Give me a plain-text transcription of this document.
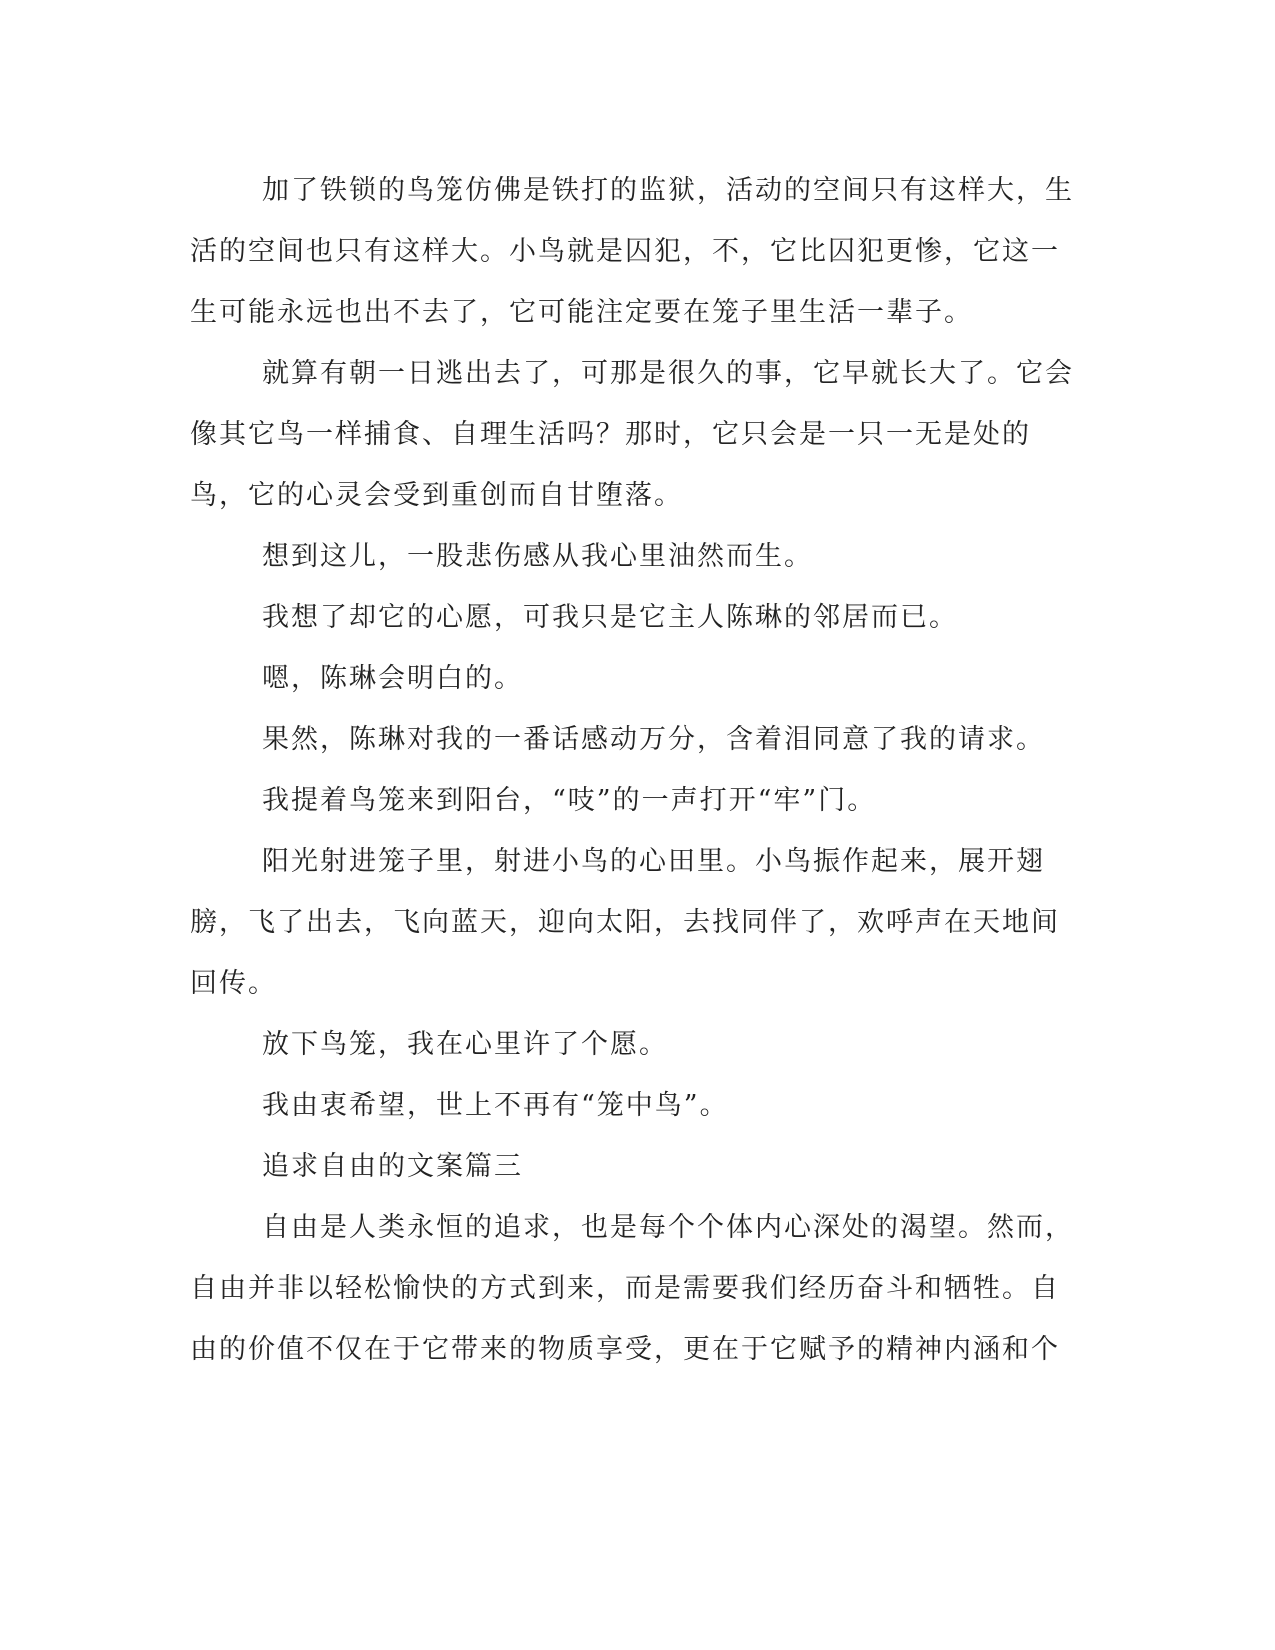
加了铁锁的鸟笼仿佛是铁打的监狱，活动的空间只有这样大，生活的空间也只有这样大。小鸟就是囚犯，不，它比囚犯更惨，它这一生可能永远也出不去了，它可能注定要在笼子里生活一辈子。

就算有朝一日逃出去了，可那是很久的事，它早就长大了。它会像其它鸟一样捕食、自理生活吗？那时，它只会是一只一无是处的鸟，它的心灵会受到重创而自甘堕落。

想到这儿，一股悲伤感从我心里油然而生。

我想了却它的心愿，可我只是它主人陈琳的邻居而已。

嗯，陈琳会明白的。

果然，陈琳对我的一番话感动万分，含着泪同意了我的请求。

我提着鸟笼来到阳台，“吱”的一声打开“牢”门。

阳光射进笼子里，射进小鸟的心田里。小鸟振作起来，展开翅膀，飞了出去，飞向蓝天，迎向太阳，去找同伴了，欢呼声在天地间回传。

放下鸟笼，我在心里许了个愿。

我由衷希望，世上不再有“笼中鸟”。

追求自由的文案篇三

自由是人类永恒的追求，也是每个个体内心深处的渴望。然而，自由并非以轻松愉快的方式到来，而是需要我们经历奋斗和牺牲。自由的价值不仅在于它带来的物质享受，更在于它赋予的精神内涵和个
